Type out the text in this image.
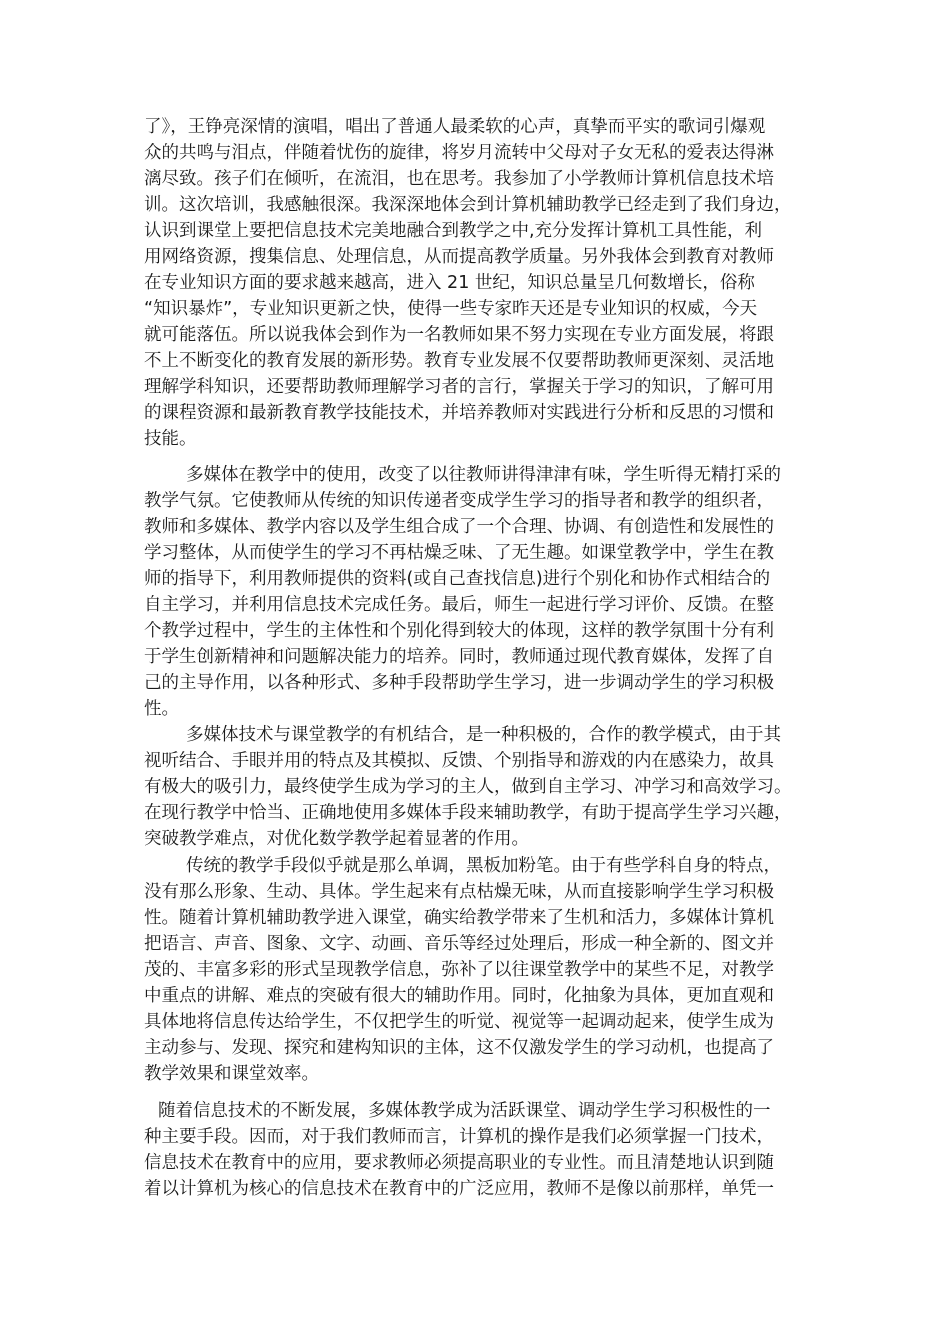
了》，王铮亮深情的演唱，唱出了普通人最柔软的心声，真挚而平实的歌词引爆观
众的共鸣与泪点，伴随着忧伤的旋律，将岁月流转中父母对子女无私的爱表达得淋
漓尽致。孩子们在倾听，在流泪，也在思考。我参加了小学教师计算机信息技术培
训。这次培训，我感触很深。我深深地体会到计算机辅助教学已经走到了我们身边，
认识到课堂上要把信息技术完美地融合到教学之中,充分发挥计算机工具性能，利
用网络资源，搜集信息、处理信息，从而提高教学质量。另外我体会到教育对教师
在专业知识方面的要求越来越高，进入 21 世纪，知识总量呈几何数增长，俗称
“知识暴炸”，专业知识更新之快，使得一些专家昨天还是专业知识的权威，今天
就可能落伍。所以说我体会到作为一名教师如果不努力实现在专业方面发展，将跟
不上不断变化的教育发展的新形势。教育专业发展不仅要帮助教师更深刻、灵活地
理解学科知识，还要帮助教师理解学习者的言行，掌握关于学习的知识，了解可用
的课程资源和最新教育教学技能技术，并培养教师对实践进行分析和反思的习惯和
技能。
多媒体在教学中的使用，改变了以往教师讲得津津有味，学生听得无精打采的
教学气氛。它使教师从传统的知识传递者变成学生学习的指导者和教学的组织者，
教师和多媒体、教学内容以及学生组合成了一个合理、协调、有创造性和发展性的
学习整体，从而使学生的学习不再枯燥乏味、了无生趣。如课堂教学中，学生在教
师的指导下，利用教师提供的资料(或自己查找信息)进行个别化和协作式相结合的
自主学习，并利用信息技术完成任务。最后，师生一起进行学习评价、反馈。在整
个教学过程中，学生的主体性和个别化得到较大的体现，这样的教学氛围十分有利
于学生创新精神和问题解决能力的培养。同时，教师通过现代教育媒体，发挥了自
己的主导作用，以各种形式、多种手段帮助学生学习，进一步调动学生的学习积极
性。
多媒体技术与课堂教学的有机结合，是一种积极的，合作的教学模式，由于其
视听结合、手眼并用的特点及其模拟、反馈、个别指导和游戏的内在感染力，故具
有极大的吸引力，最终使学生成为学习的主人，做到自主学习、冲学习和高效学习。
在现行教学中恰当、正确地使用多媒体手段来辅助教学，有助于提高学生学习兴趣，
突破教学难点，对优化数学教学起着显著的作用。
传统的教学手段似乎就是那么单调，黑板加粉笔。由于有些学科自身的特点，
没有那么形象、生动、具体。学生起来有点枯燥无味，从而直接影响学生学习积极
性。随着计算机辅助教学进入课堂，确实给教学带来了生机和活力，多媒体计算机
把语言、声音、图象、文字、动画、音乐等经过处理后，形成一种全新的、图文并
茂的、丰富多彩的形式呈现教学信息，弥补了以往课堂教学中的某些不足，对教学
中重点的讲解、难点的突破有很大的辅助作用。同时，化抽象为具体，更加直观和
具体地将信息传达给学生，不仅把学生的听觉、视觉等一起调动起来，使学生成为
主动参与、发现、探究和建构知识的主体，这不仅激发学生的学习动机，也提高了
教学效果和课堂效率。
随着信息技术的不断发展，多媒体教学成为活跃课堂、调动学生学习积极性的一
种主要手段。因而，对于我们教师而言，计算机的操作是我们必须掌握一门技术，
信息技术在教育中的应用，要求教师必须提高职业的专业性。而且清楚地认识到随
着以计算机为核心的信息技术在教育中的广泛应用，教师不是像以前那样，单凭一
